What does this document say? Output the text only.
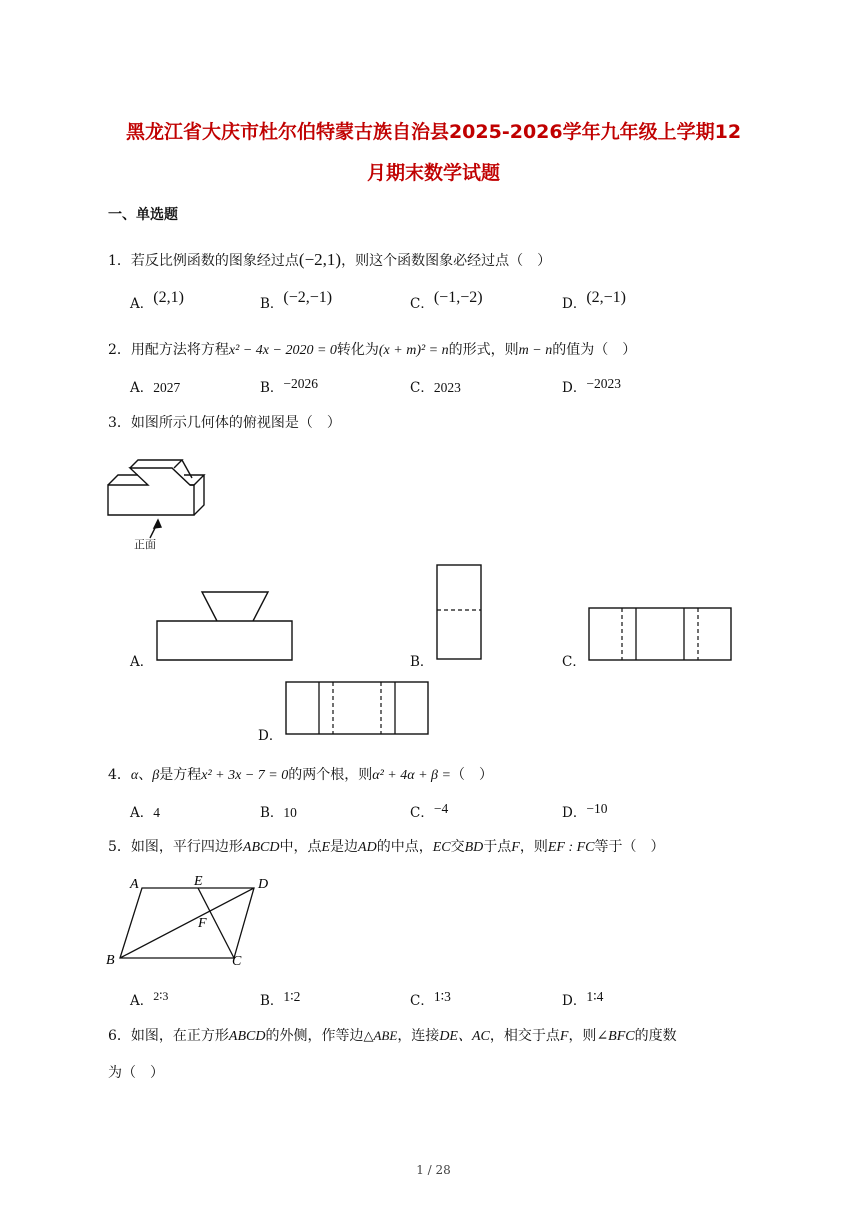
黑龙江省大庆市杜尔伯特蒙古族自治县2025-2026学年九年级上学期12
月期末数学试题
一、单选题
1．若反比例函数的图象经过点(−2,1)，则这个函数图象必经过点（　）
A．(2,1)	B．(−2,−1)	C．(−1,−2)	D．(2,−1)
2．用配方法将方程x² − 4x − 2020 = 0转化为(x + m)² = n的形式，则m − n的值为（　）
A．2027	B．−2026	C．2023	D．−2023
3．如图所示几何体的俯视图是（　）
正面
A．	B．	C．
D．
4．α、β是方程x² + 3x − 7 = 0的两个根，则α² + 4α + β =（　）
A．4	B．10	C．−4	D．−10
5．如图，平行四边形ABCD中，点E是边AD的中点，EC交BD于点F，则EF : FC等于（　）
A	E	D
F
B	C
A．2∶3	B．1∶2	C．1∶3	D．1∶4
6．如图，在正方形ABCD的外侧，作等边△ABE，连接DE、AC，相交于点F，则∠BFC的度数
为（　）
1 / 28
